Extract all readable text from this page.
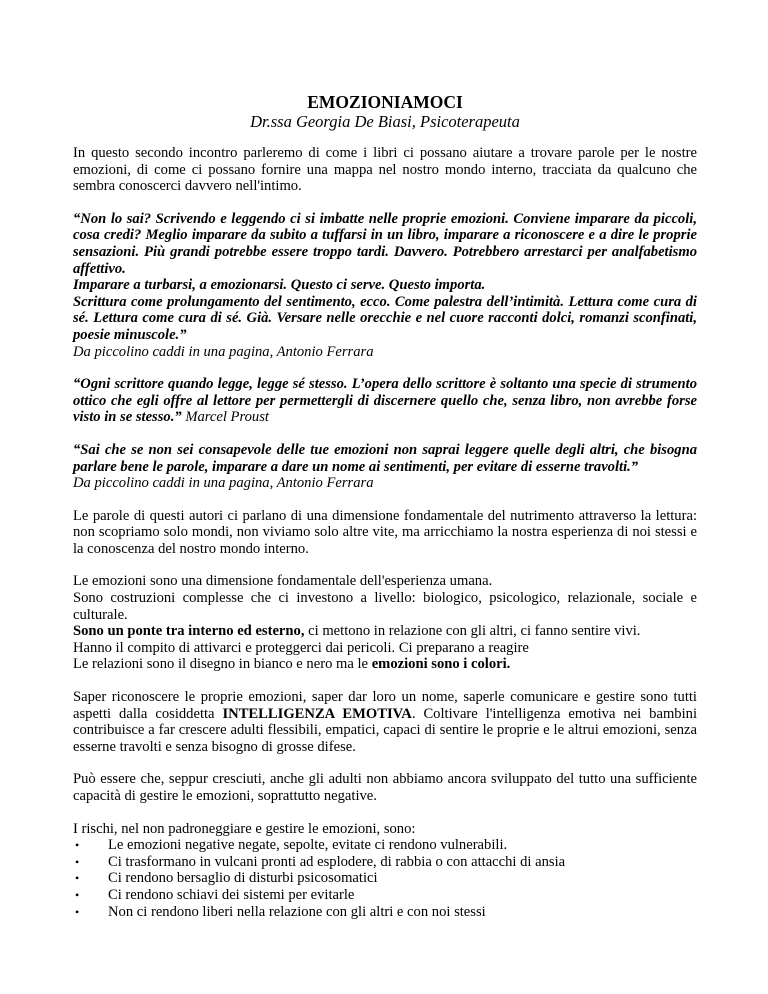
EMOZIONIAMOCI
Dr.ssa Georgia De Biasi, Psicoterapeuta

In questo secondo incontro parleremo di come i libri ci possano aiutare a trovare parole per le nostre emozioni, di come ci possano fornire una mappa nel nostro mondo interno, tracciata da qualcuno che sembra conoscerci davvero nell'intimo.

“Non lo sai? Scrivendo e leggendo ci si imbatte nelle proprie emozioni. Conviene imparare da piccoli, cosa credi? Meglio imparare da subito a tuffarsi in un libro, imparare a riconoscere e a dire le proprie sensazioni. Più grandi potrebbe essere troppo tardi. Davvero. Potrebbero arrestarci per analfabetismo affettivo.
Imparare a turbarsi, a emozionarsi. Questo ci serve. Questo importa.
Scrittura come prolungamento del sentimento, ecco. Come palestra dell’intimità. Lettura come cura di sé. Lettura come cura di sé. Già. Versare nelle orecchie e nel cuore racconti dolci, romanzi sconfinati, poesie minuscole.”
Da piccolino caddi in una pagina, Antonio Ferrara

“Ogni scrittore quando legge, legge sé stesso. L’opera dello scrittore è soltanto una specie di strumento ottico che egli offre al lettore per permettergli di discernere quello che, senza libro, non avrebbe forse visto in se stesso.” Marcel Proust

“Sai che se non sei consapevole delle tue emozioni non saprai leggere quelle degli altri, che bisogna parlare bene le parole, imparare a dare un nome ai sentimenti, per evitare di esserne travolti.”
Da piccolino caddi in una pagina, Antonio Ferrara

Le parole di questi autori ci parlano di una dimensione fondamentale del nutrimento attraverso la lettura: non scopriamo solo mondi, non viviamo solo altre vite, ma arricchiamo la nostra esperienza di noi stessi e la conoscenza del nostro mondo interno.

Le emozioni sono una dimensione fondamentale dell'esperienza umana.
Sono costruzioni complesse che ci investono a livello: biologico, psicologico, relazionale, sociale e culturale.
Sono un ponte tra interno ed esterno, ci mettono in relazione con gli altri, ci fanno sentire vivi.
Hanno il compito di attivarci e proteggerci dai pericoli. Ci preparano a reagire
Le relazioni sono il disegno in bianco e nero ma le emozioni sono i colori.

Saper riconoscere le proprie emozioni, saper dar loro un nome, saperle comunicare e gestire sono tutti aspetti dalla cosiddetta INTELLIGENZA EMOTIVA. Coltivare l'intelligenza emotiva nei bambini contribuisce a far crescere adulti flessibili, empatici, capaci di sentire le proprie e le altrui emozioni, senza esserne travolti e senza bisogno di grosse difese.

Può essere che, seppur cresciuti, anche gli adulti non abbiamo ancora sviluppato del tutto una sufficiente capacità di gestire le emozioni, soprattutto negative.

I rischi, nel non padroneggiare e gestire le emozioni, sono:
• Le emozioni negative negate, sepolte, evitate ci rendono vulnerabili.
• Ci trasformano in vulcani pronti ad esplodere, di rabbia o con attacchi di ansia
• Ci rendono bersaglio di disturbi psicosomatici
• Ci rendono schiavi dei sistemi per evitarle
• Non ci rendono liberi nella relazione con gli altri e con noi stessi
